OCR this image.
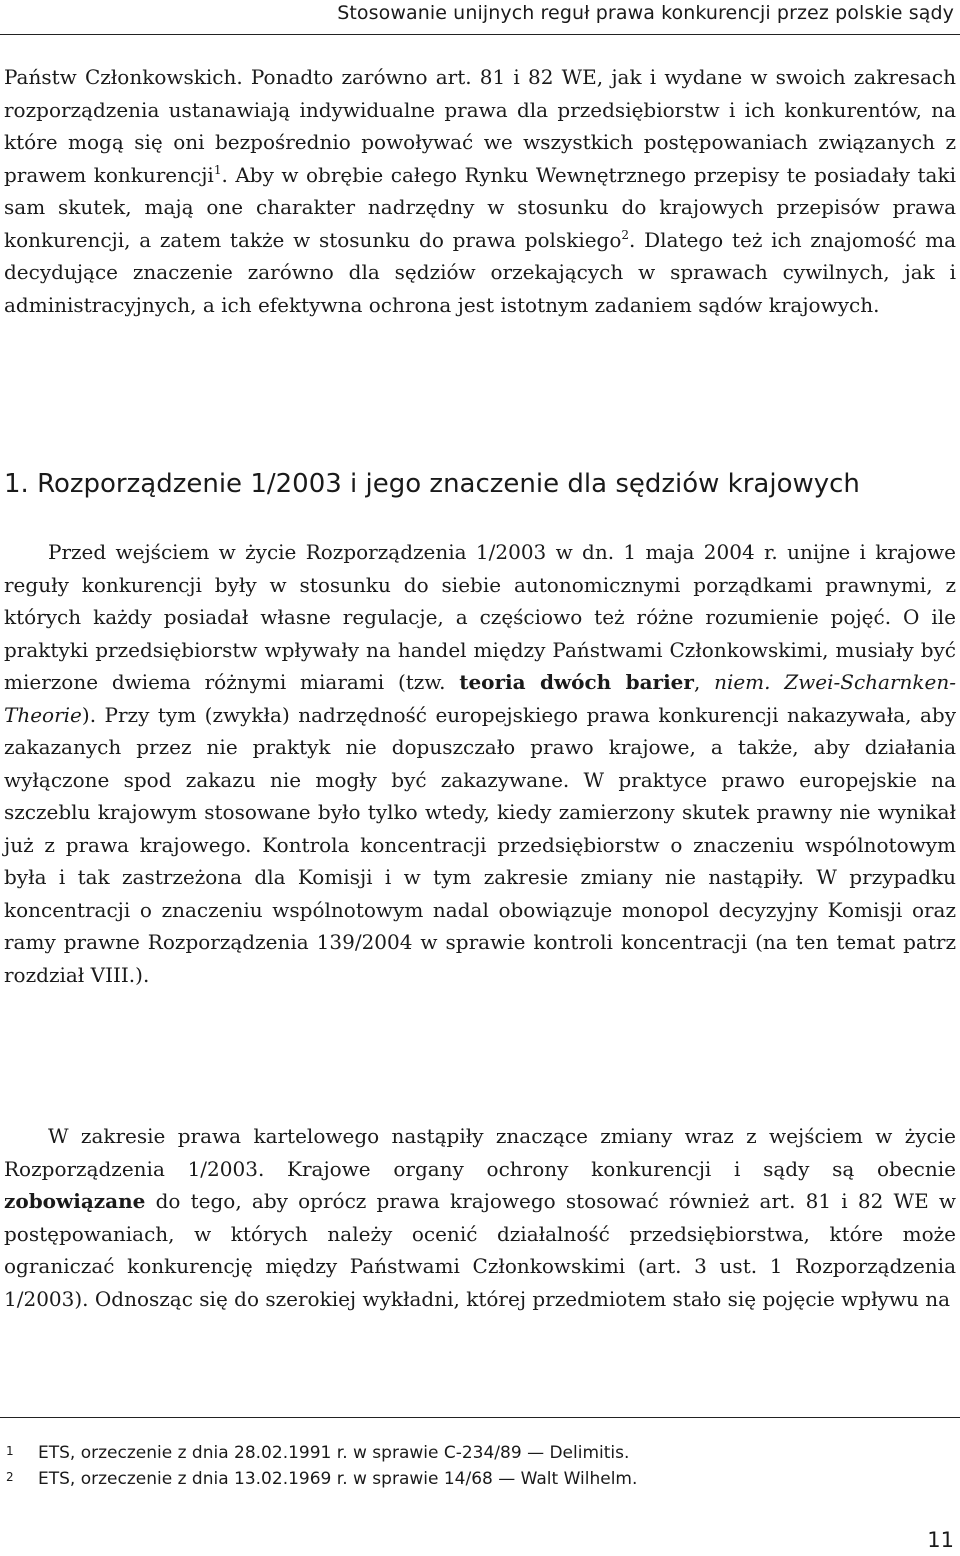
Stosowanie unijnych reguł prawa konkurencji przez polskie sądy

Państw Członkowskich. Ponadto zarówno art. 81 i 82 WE, jak i wydane w swoich zakresach rozporządzenia ustanawiają indywidualne prawa dla przedsiębiorstw i ich konkurentów, na które mogą się oni bezpośrednio powoływać we wszystkich postępowaniach związanych z prawem konkurencji$^1$. Aby w obrębie całego Rynku Wewnętrznego przepisy te posiadały taki sam skutek, mają one charakter nadrzędny w stosunku do krajowych przepisów prawa konkurencji, a zatem także w stosunku do prawa polskiego$^2$. Dlatego też ich znajomość ma decydujące znaczenie zarówno dla sędziów orzekających w sprawach cywilnych, jak i administracyjnych, a ich efektywna ochrona jest istotnym zadaniem sądów krajowych.

1. Rozporządzenie 1/2003 i jego znaczenie dla sędziów krajowych

Przed wejściem w życie Rozporządzenia 1/2003 w dn. 1 maja 2004 r. unijne i krajowe reguły konkurencji były w stosunku do siebie autonomicznymi porządkami prawnymi, z których każdy posiadał własne regulacje, a częściowo też różne rozumienie pojęć. O ile praktyki przedsiębiorstw wpływały na handel między Państwami Członkowskimi, musiały być mierzone dwiema różnymi miarami (tzw. teoria dwóch barier, niem. Zwei-Scharnken-Theorie). Przy tym (zwykła) nadrzędność europejskiego prawa konkurencji nakazywała, aby zakazanych przez nie praktyk nie dopuszczało prawo krajowe, a także, aby działania wyłączone spod zakazu nie mogły być zakazywane. W praktyce prawo europejskie na szczeblu krajowym stosowane było tylko wtedy, kiedy zamierzony skutek prawny nie wynikał już z prawa krajowego. Kontrola koncentracji przedsiębiorstw o znaczeniu wspólnotowym była i tak zastrzeżona dla Komisji i w tym zakresie zmiany nie nastąpiły. W przypadku koncentracji o znaczeniu wspólnotowym nadal obowiązuje monopol decyzyjny Komisji oraz ramy prawne Rozporządzenia 139/2004 w sprawie kontroli koncentracji (na ten temat patrz rozdział VIII.).

W zakresie prawa kartelowego nastąpiły znaczące zmiany wraz z wejściem w życie Rozporządzenia 1/2003. Krajowe organy ochrony konkurencji i sądy są obecnie zobowiązane do tego, aby oprócz prawa krajowego stosować również art. 81 i 82 WE w postępowaniach, w których należy ocenić działalność przedsiębiorstwa, które może ograniczać konkurencję między Państwami Członkowskimi (art. 3 ust. 1 Rozporządzenia 1/2003). Odnosząc się do szerokiej wykładni, której przedmiotem stało się pojęcie wpływu na

1 ETS, orzeczenie z dnia 28.02.1991 r. w sprawie C-234/89 — Delimitis.

2 ETS, orzeczenie z dnia 13.02.1969 r. w sprawie 14/68 — Walt Wilhelm.

11
